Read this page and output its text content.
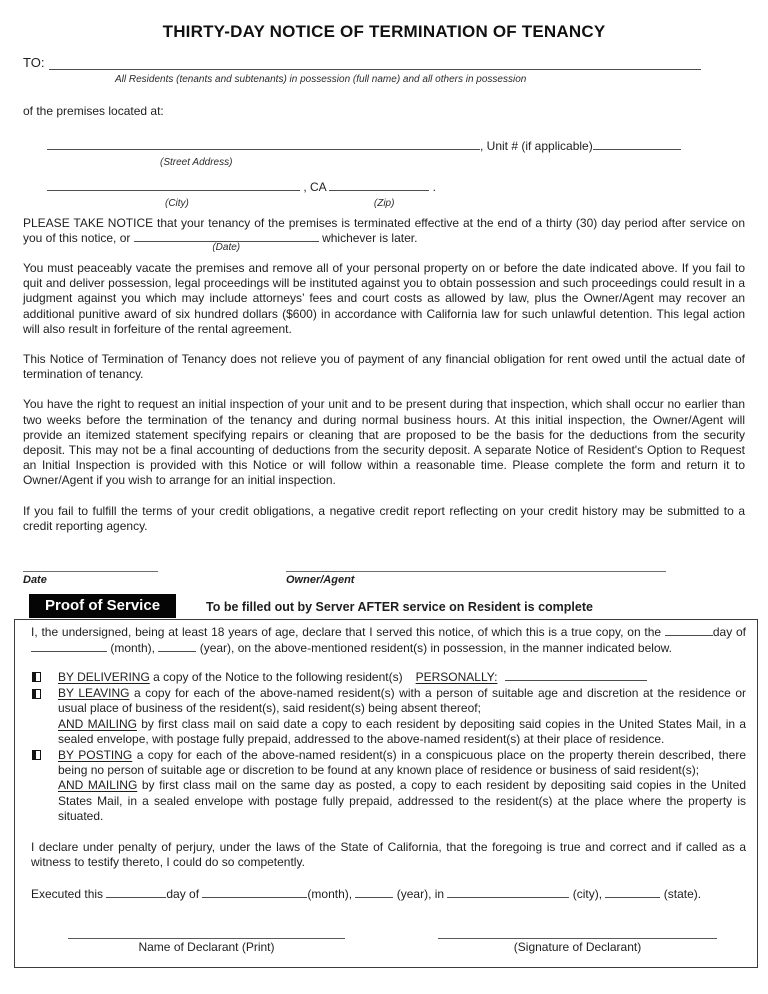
THIRTY-DAY NOTICE OF TERMINATION OF TENANCY
TO:
All Residents (tenants and subtenants) in possession (full name) and all others in possession
of the premises located at:
, Unit # (if applicable)
(Street Address)
, CA	.
(City)	(Zip)
PLEASE TAKE NOTICE that your tenancy of the premises is terminated effective at the end of a thirty (30) day period after service on you of this notice, or
(Date)
whichever is later.
You must peaceably vacate the premises and remove all of your personal property on or before the date indicated above. If you fail to quit and deliver possession, legal proceedings will be instituted against you to obtain possession and such proceedings could result in a judgment against you which may include attorneys’ fees and court costs as allowed by law, plus the Owner/Agent may recover an additional punitive award of six hundred dollars ($600) in accordance with California law for such unlawful detention. This legal action will also result in forfeiture of the rental agreement.
This Notice of Termination of Tenancy does not relieve you of payment of any financial obligation for rent owed until the actual date of termination of tenancy.
You have the right to request an initial inspection of your unit and to be present during that inspection, which shall occur no earlier than two weeks before the termination of the tenancy and during normal business hours. At this initial inspection, the Owner/Agent will provide an itemized statement specifying repairs or cleaning that are proposed to be the basis for the deductions from the security deposit. This may not be a final accounting of deductions from the security deposit. A separate Notice of Resident's Option to Request an Initial Inspection is provided with this Notice or will follow within a reasonable time. Please complete the form and return it to Owner/Agent if you wish to arrange for an initial inspection.
If you fail to fulfill the terms of your credit obligations, a negative credit report reflecting on your credit history may be submitted to a credit reporting agency.
Date	Owner/Agent
Proof of Service	To be filled out by Server AFTER service on Resident is complete
I, the undersigned, being at least 18 years of age, declare that I served this notice, of which this is a true copy, on the	day of  (month),	(year), on the above-mentioned resident(s) in possession, in the manner indicated below.
BY DELIVERING a copy of the Notice to the following resident(s) PERSONALLY:
BY LEAVING a copy for each of the above-named resident(s) with a person of suitable age and discretion at the residence or usual place of business of the resident(s), said resident(s) being absent thereof;
AND MAILING by first class mail on said date a copy to each resident by depositing said copies in the United States Mail, in a sealed envelope, with postage fully prepaid, addressed to the above-named resident(s) at their place of residence.
BY POSTING a copy for each of the above-named resident(s) in a conspicuous place on the property therein described, there being no person of suitable age or discretion to be found at any known place of residence or business of said resident(s);
AND MAILING by first class mail on the same day as posted, a copy to each resident by depositing said copies in the United States Mail, in a sealed envelope with postage fully prepaid, addressed to the resident(s) at the place where the property is situated.
I declare under penalty of perjury, under the laws of the State of California, that the foregoing is true and correct and if called as a witness to testify thereto, I could do so competently.
Executed this	day of	(month),	(year), in	(city),	(state).
Name of Declarant (Print)	(Signature of Declarant)
